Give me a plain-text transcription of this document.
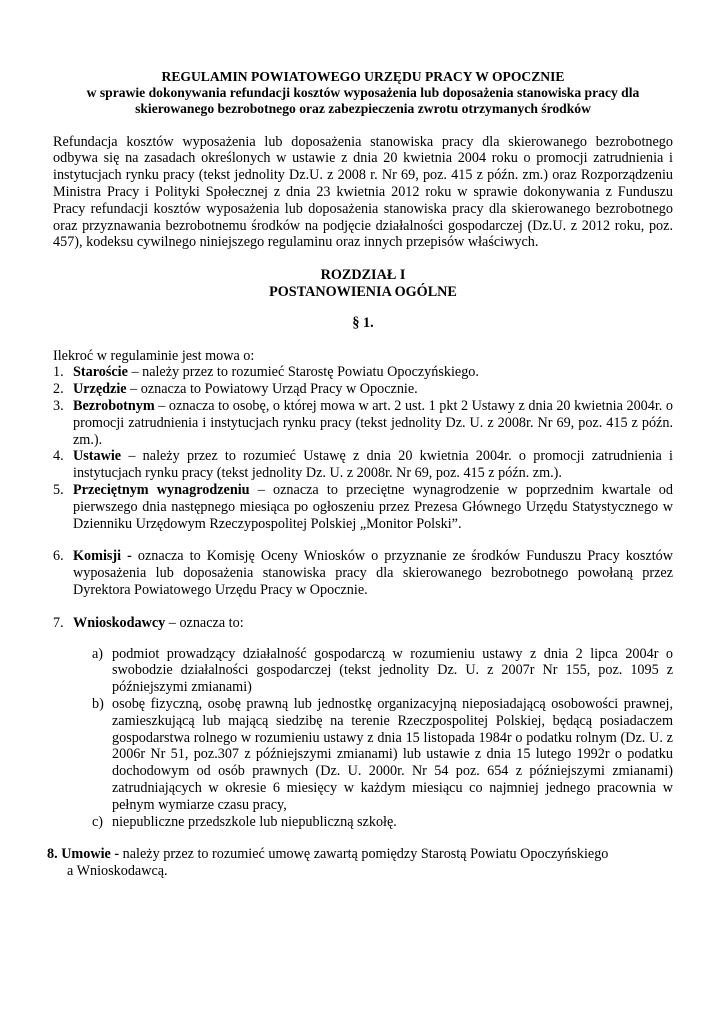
REGULAMIN POWIATOWEGO URZĘDU PRACY W OPOCZNIE

w sprawie dokonywania refundacji kosztów wyposażenia lub doposażenia stanowiska pracy dla

skierowanego bezrobotnego oraz zabezpieczenia zwrotu otrzymanych środków

Refundacja kosztów wyposażenia lub doposażenia stanowiska pracy dla skierowanego bezrobotnego odbywa się na zasadach określonych w ustawie z dnia 20 kwietnia 2004 roku o promocji zatrudnienia i instytucjach rynku pracy (tekst jednolity Dz.U. z 2008 r. Nr 69, poz. 415 z późn. zm.) oraz Rozporządzeniu Ministra Pracy i Polityki Społecznej z dnia 23 kwietnia 2012 roku w sprawie dokonywania z Funduszu Pracy refundacji kosztów wyposażenia lub doposażenia stanowiska pracy dla skierowanego bezrobotnego oraz przyznawania bezrobotnemu środków na podjęcie działalności gospodarczej (Dz.U. z 2012 roku, poz. 457), kodeksu cywilnego niniejszego regulaminu oraz innych przepisów właściwych.

ROZDZIAŁ I

POSTANOWIENIA OGÓLNE

§ 1.

Ilekroć w regulaminie jest mowa o:

1. Staroście – należy przez to rozumieć Starostę Powiatu Opoczyńskiego.
2. Urzędzie – oznacza to Powiatowy Urząd Pracy w Opocznie.
3. Bezrobotnym – oznacza to osobę, o której mowa w art. 2 ust. 1 pkt 2 Ustawy z dnia 20 kwietnia 2004r. o promocji zatrudnienia i instytucjach rynku pracy (tekst jednolity Dz. U. z 2008r. Nr 69, poz. 415 z późn. zm.).
4. Ustawie – należy przez to rozumieć Ustawę z dnia 20 kwietnia 2004r. o promocji zatrudnienia i instytucjach rynku pracy (tekst jednolity Dz. U. z 2008r. Nr 69, poz. 415 z późn. zm.).
5. Przeciętnym wynagrodzeniu – oznacza to przeciętne wynagrodzenie w poprzednim kwartale od pierwszego dnia następnego miesiąca po ogłoszeniu przez Prezesa Głównego Urzędu Statystycznego w Dzienniku Urzędowym Rzeczypospolitej Polskiej „Monitor Polski”.
6. Komisji - oznacza to Komisję Oceny Wniosków o przyznanie ze środków Funduszu Pracy kosztów wyposażenia lub doposażenia stanowiska pracy dla skierowanego bezrobotnego powołaną przez Dyrektora Powiatowego Urzędu Pracy w Opocznie.
7. Wnioskodawcy – oznacza to:
a) podmiot prowadzący działalność gospodarczą w rozumieniu ustawy z dnia 2 lipca 2004r o swobodzie działalności gospodarczej (tekst jednolity Dz. U. z 2007r Nr 155, poz. 1095 z późniejszymi zmianami)
b) osobę fizyczną, osobę prawną lub jednostkę organizacyjną nieposiadającą osobowości prawnej, zamieszkującą lub mającą siedzibę na terenie Rzeczpospolitej Polskiej, będącą posiadaczem gospodarstwa rolnego w rozumieniu ustawy z dnia 15 listopada 1984r o podatku rolnym (Dz. U. z 2006r Nr 51, poz.307 z późniejszymi zmianami) lub ustawie z dnia 15 lutego 1992r o podatku dochodowym od osób prawnych (Dz. U. 2000r. Nr 54 poz. 654 z późniejszymi zmianami) zatrudniających w okresie 6 miesięcy w każdym miesiącu co najmniej jednego pracownia w pełnym wymiarze czasu pracy,
c) niepubliczne przedszkole lub niepubliczną szkołę.

8. Umowie - należy przez to rozumieć umowę zawartą pomiędzy Starostą Powiatu Opoczyńskiego

a Wnioskodawcą.
